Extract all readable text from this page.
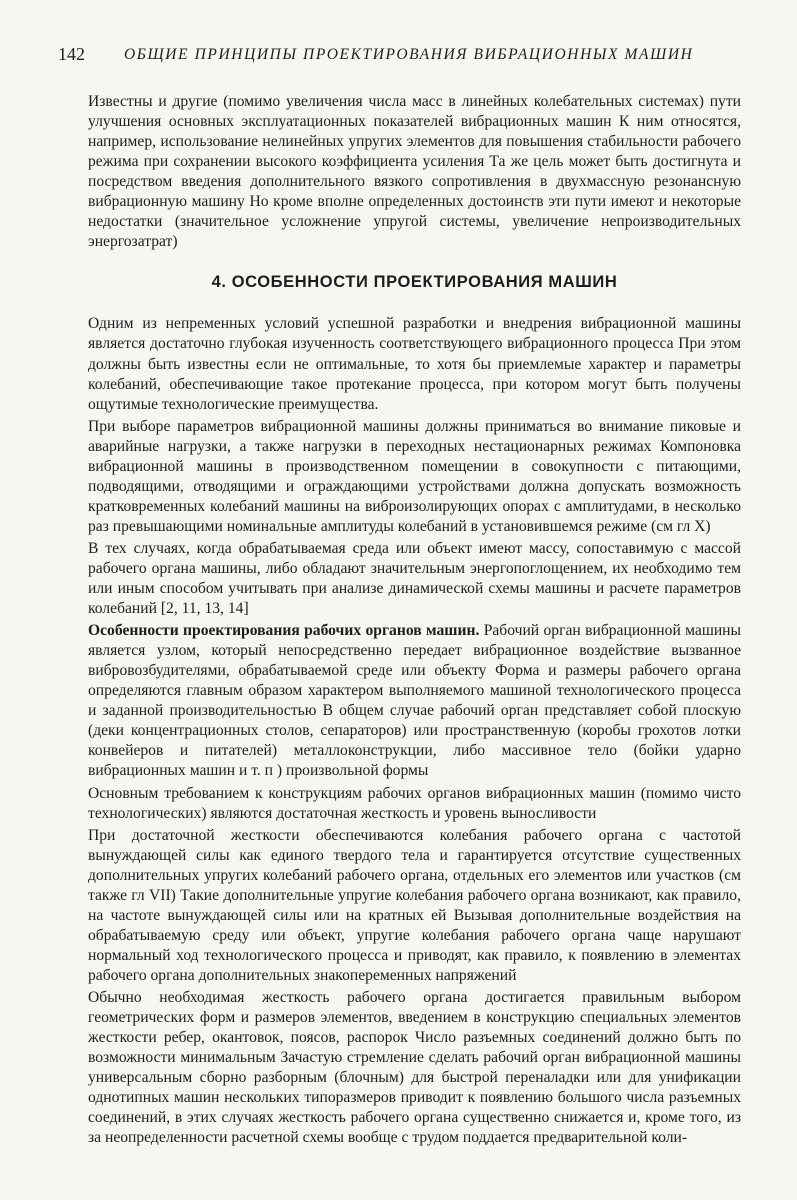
142	ОБЩИЕ ПРИНЦИПЫ ПРОЕКТИРОВАНИЯ ВИБРАЦИОННЫХ МАШИН

Известны и другие (помимо увеличения числа масс в линейных колебательных системах) пути улучшения основных эксплуатационных показателей вибрационных машин К ним относятся, например, использование нелинейных упругих элементов для повышения стабильности рабочего режима при сохранении высокого коэффициента усиления Та же цель может быть достигнута и посредством введения дополнительного вязкого сопротивления в двухмассную резонансную вибрационную машину Но кроме вполне определенных достоинств эти пути имеют и некоторые недостатки (значительное усложнение упругой системы, увеличение непроизводительных энергозатрат)

4. ОСОБЕННОСТИ ПРОЕКТИРОВАНИЯ МАШИН

Одним из непременных условий успешной разработки и внедрения вибрационной машины является достаточно глубокая изученность соответствующего вибрационного процесса При этом должны быть известны если не оптимальные, то хотя бы приемлемые характер и параметры колебаний, обеспечивающие такое протекание процесса, при котором могут быть получены ощутимые технологические преимущества.

При выборе параметров вибрационной машины должны приниматься во внимание пиковые и аварийные нагрузки, а также нагрузки в переходных нестационарных режимах Компоновка вибрационной машины в производственном помещении в совокупности с питающими, подводящими, отводящими и ограждающими устройствами должна допускать возможность кратковременных колебаний машины на виброизолирующих опорах с амплитудами, в несколько раз превышающими номинальные амплитуды колебаний в установившемся режиме (см гл X)

В тех случаях, когда обрабатываемая среда или объект имеют массу, сопоставимую с массой рабочего органа машины, либо обладают значительным энергопоглощением, их необходимо тем или иным способом учитывать при анализе динамической схемы машины и расчете параметров колебаний [2, 11, 13, 14]

Особенности проектирования рабочих органов машин. Рабочий орган вибрационной машины является узлом, который непосредственно передает вибрационное воздействие вызванное вибровозбудителями, обрабатываемой среде или объекту Форма и размеры рабочего органа определяются главным образом характером выполняемого машиной технологического процесса и заданной производительностью В общем случае рабочий орган представляет собой плоскую (деки концентрационных столов, сепараторов) или пространственную (коробы грохотов лотки конвейеров и питателей) металлоконструкции, либо массивное тело (бойки ударно вибрационных машин и т. п ) произвольной формы

Основным требованием к конструкциям рабочих органов вибрационных машин (помимо чисто технологических) являются достаточная жесткость и уровень выносливости

При достаточной жесткости обеспечиваются колебания рабочего органа с частотой вынуждающей силы как единого твердого тела и гарантируется отсутствие существенных дополнительных упругих колебаний рабочего органа, отдельных его элементов или участков (см также гл VII) Такие дополнительные упругие колебания рабочего органа возникают, как правило, на частоте вынуждающей силы или на кратных ей Вызывая дополнительные воздействия на обрабатываемую среду или объект, упругие колебания рабочего органа чаще нарушают нормальный ход технологического процесса и приводят, как правило, к появлению в элементах рабочего органа дополнительных знакопеременных напряжений

Обычно необходимая жесткость рабочего органа достигается правильным выбором геометрических форм и размеров элементов, введением в конструкцию специальных элементов жесткости ребер, окантовок, поясов, распорок Число разъемных соединений должно быть по возможности минимальным Зачастую стремление сделать рабочий орган вибрационной машины универсальным сборно разборным (блочным) для быстрой переналадки или для унификации однотипных машин нескольких типоразмеров приводит к появлению большого числа разъемных соединений, в этих случаях жесткость рабочего органа существенно снижается и, кроме того, из за неопределенности расчетной схемы вообще с трудом поддается предварительной коли-
